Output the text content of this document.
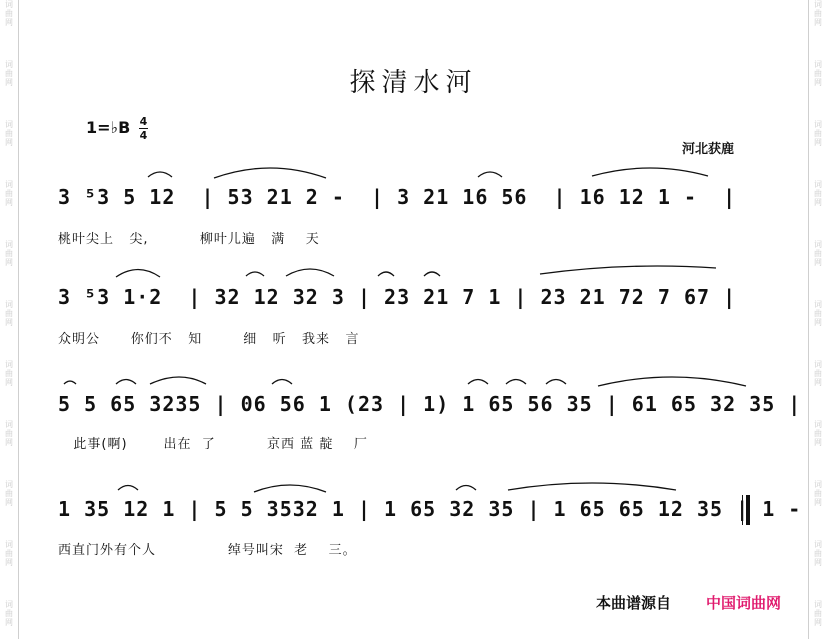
词
曲
网
词
曲
网
词
曲
网
词
曲
网
词
曲
网
词
曲
网
词
曲
网
词
曲
网
词
曲
网
词
曲
网
词
曲
网
词
曲
网
词
曲
网
词
曲
网
词
曲
网
词
曲
网
词
曲
网
词
曲
网
词
曲
网
词
曲
网
词
曲
网
词
曲
网
探清水河
1=♭B 4
4
河北获鹿
3 ⁵3 5 12  | 53 21 2 -  | 3 21 16 56  | 16 12 1 -  |
桃叶尖上   尖,          柳叶儿遍   满    天
3 ⁵3 1·2  | 32 12 32 3 | 23 21 7 1 | 23 21 72 7 67 |
众明公      你们不   知        细   听   我来   言
5 5 65 3235 | 06 56 1 (23 | 1) 1 65 56 35 | 61 65 32 35 |
此事(啊)       出在  了          京西 蓝 靛    厂
1 35 12 1 | 5 5 3532 1 | 1 65 32 35 | 1 65 65 12 35 | 1 -
西直门外有个人              绰号叫宋  老    三。
本曲谱源自 中国词曲网
